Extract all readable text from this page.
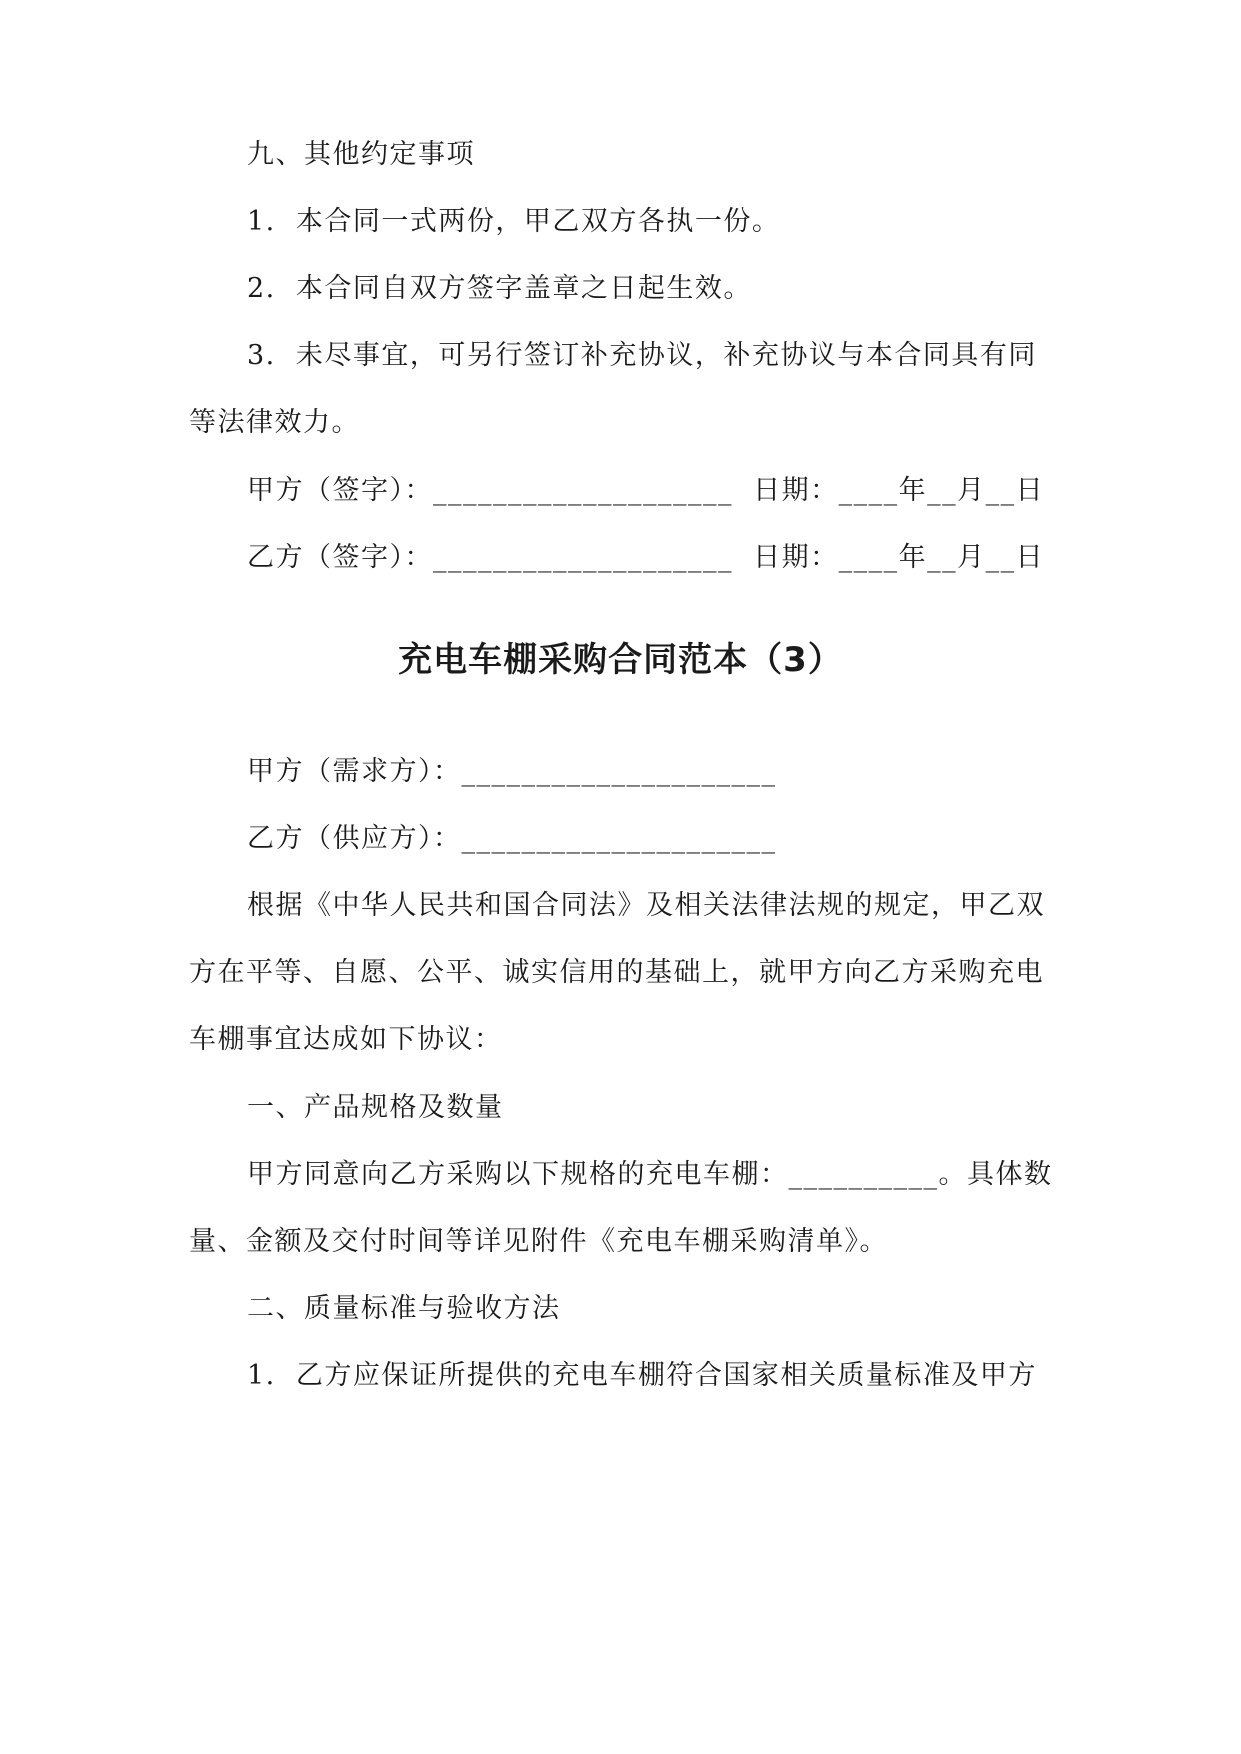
九、其他约定事项
1.  本合同一式两份，甲乙双方各执一份。
2.  本合同自双方签字盖章之日起生效。
3.  未尽事宜，可另行签订补充协议，补充协议与本合同具有同
等法律效力。
甲方（签字）：____________________  日期：____年__月__日
乙方（签字）：____________________  日期：____年__月__日
充电车棚采购合同范本（3）
甲方（需求方）：_____________________
乙方（供应方）：_____________________
根据《中华人民共和国合同法》及相关法律法规的规定，甲乙双
方在平等、自愿、公平、诚实信用的基础上，就甲方向乙方采购充电
车棚事宜达成如下协议：
一、产品规格及数量
甲方同意向乙方采购以下规格的充电车棚：__________。具体数
量、金额及交付时间等详见附件《充电车棚采购清单》。
二、质量标准与验收方法
1.  乙方应保证所提供的充电车棚符合国家相关质量标准及甲方
